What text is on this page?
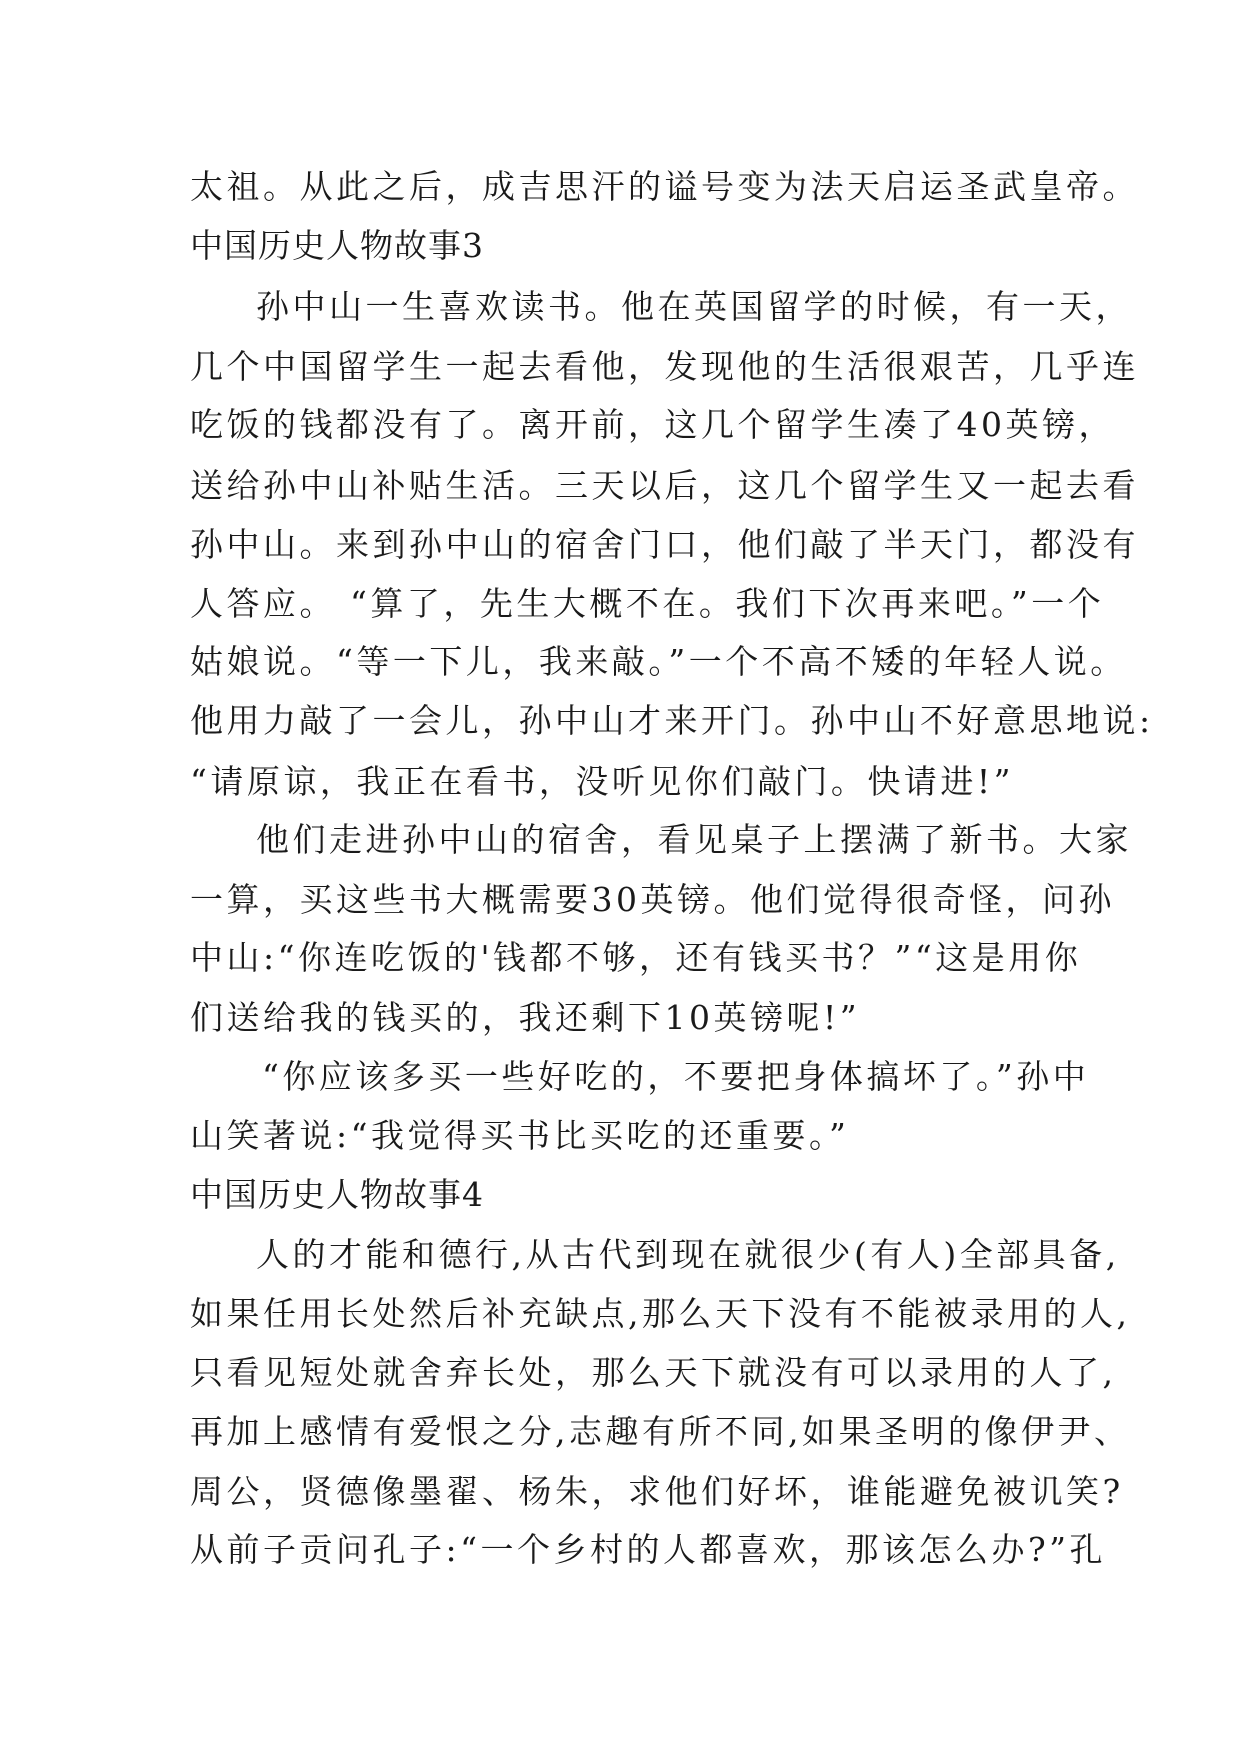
太祖。从此之后，成吉思汗的谥号变为法天启运圣武皇帝。

中国历史人物故事3

孙中山一生喜欢读书。他在英国留学的时候，有一天，

几个中国留学生一起去看他，发现他的生活很艰苦，几乎连

吃饭的钱都没有了。离开前，这几个留学生凑了40英镑，

送给孙中山补贴生活。三天以后，这几个留学生又一起去看

孙中山。来到孙中山的宿舍门口，他们敲了半天门，都没有

人答应。 “算了，先生大概不在。我们下次再来吧。”一个

姑娘说。“等一下儿，我来敲。”一个不高不矮的年轻人说。

他用力敲了一会儿，孙中山才来开门。孙中山不好意思地说:

“请原谅，我正在看书，没听见你们敲门。快请进!”

他们走进孙中山的宿舍，看见桌子上摆满了新书。大家

一算，买这些书大概需要30英镑。他们觉得很奇怪，问孙

中山:“你连吃饭的'钱都不够，还有钱买书？”“这是用你

们送给我的钱买的，我还剩下10英镑呢!”

“你应该多买一些好吃的，不要把身体搞坏了。”孙中

山笑著说:“我觉得买书比买吃的还重要。”

中国历史人物故事4

人的才能和德行,从古代到现在就很少(有人)全部具备,

如果任用长处然后补充缺点,那么天下没有不能被录用的人,

只看见短处就舍弃长处，那么天下就没有可以录用的人了,

再加上感情有爱恨之分,志趣有所不同,如果圣明的像伊尹、

周公，贤德像墨翟、杨朱，求他们好坏，谁能避免被讥笑?

从前子贡问孔子:“一个乡村的人都喜欢，那该怎么办?”孔
